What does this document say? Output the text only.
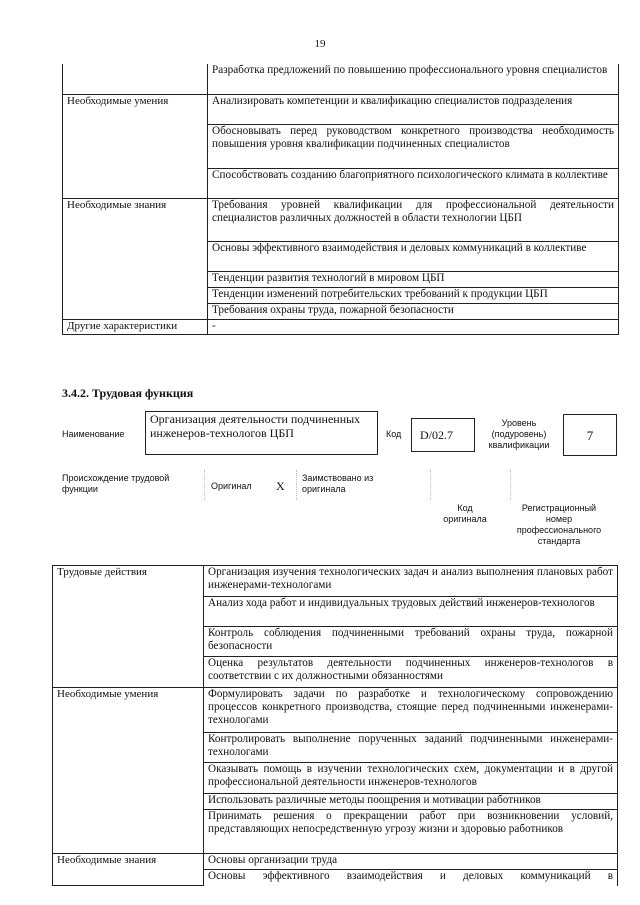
19
	Разработка предложений по повышению профессионального уровня специалистов
Необходимые умения	Анализировать компетенции и квалификацию специалистов подразделения
	Обосновывать перед руководством конкретного производства необходимость повышения уровня квалификации подчиненных специалистов
	Способствовать созданию благоприятного психологического климата в коллективе
Необходимые знания	Требования уровней квалификации для профессиональной деятельности специалистов различных должностей в области технологии ЦБП
	Основы эффективного взаимодействия и деловых коммуникаций в коллективе
	Тенденции развития технологий в мировом ЦБП
	Тенденции изменений потребительских требований к продукции ЦБП
	Требования охраны труда, пожарной безопасности
Другие характеристики	-
3.4.2. Трудовая функция
Наименование
Организация деятельности подчиненных инженеров-технологов ЦБП	Код	D/02.7
Уровень (подуровень) квалификации
7
Происхождение трудовой функции	Оригинал X
Заимствовано из оригинала
Код оригинала
Регистрационный номер профессионального стандарта
Трудовые действия	Организация изучения технологических задач и анализ выполнения плановых работ инженерами-технологами
	Анализ хода работ и индивидуальных трудовых действий инженеров-технологов
	Контроль соблюдения подчиненными требований охраны труда, пожарной безопасности
	Оценка результатов деятельности подчиненных инженеров-технологов в соответствии с их должностными обязанностями
Необходимые умения	Формулировать задачи по разработке и технологическому сопровождению процессов конкретного производства, стоящие перед подчиненными инженерами-технологами
	Контролировать выполнение порученных заданий подчиненными инженерами-технологами
	Оказывать помощь в изучении технологических схем, документации и в другой профессиональной деятельности инженеров-технологов
	Использовать различные методы поощрения и мотивации работников
	Принимать решения о прекращении работ при возникновении условий, представляющих непосредственную угрозу жизни и здоровью работников
Необходимые знания	Основы организации труда
	Основы эффективного взаимодействия и деловых коммуникаций в
